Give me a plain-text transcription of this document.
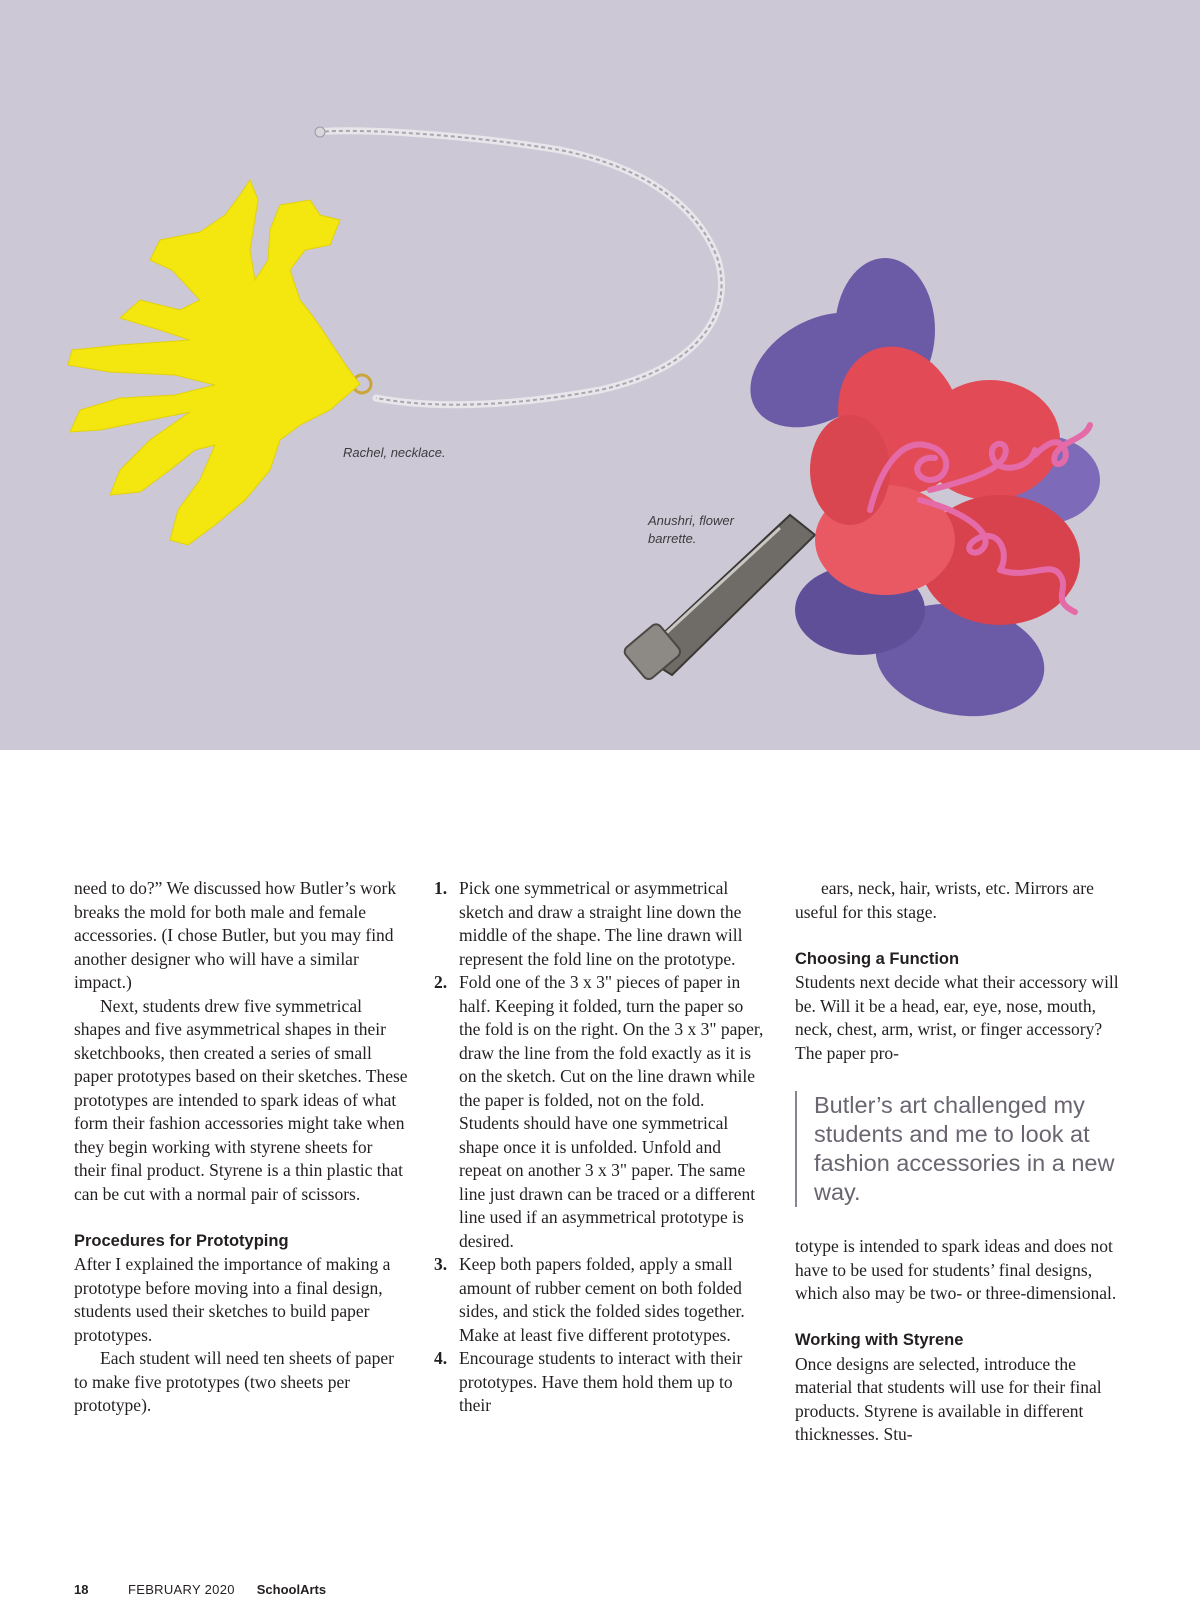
Rachel, necklace.
Anushri, flower
barrette.

need to do?” We discussed how Butler’s work breaks the mold for both male and female accessories. (I chose Butler, but you may find another designer who will have a similar impact.)

Next, students drew five symmetrical shapes and five asymmetrical shapes in their sketchbooks, then created a series of small paper prototypes based on their sketches. These prototypes are intended to spark ideas of what form their fashion accessories might take when they begin working with styrene sheets for their final product. Styrene is a thin plastic that can be cut with a normal pair of scissors.

Procedures for Prototyping

After I explained the importance of making a prototype before moving into a final design, students used their sketches to build paper prototypes.

Each student will need ten sheets of paper to make five prototypes (two sheets per prototype).

1. Pick one symmetrical or asymmetrical sketch and draw a straight line down the middle of the shape. The line drawn will represent the fold line on the prototype.
2. Fold one of the 3 x 3" pieces of paper in half. Keeping it folded, turn the paper so the fold is on the right. On the 3 x 3" paper, draw the line from the fold exactly as it is on the sketch. Cut on the line drawn while the paper is folded, not on the fold. Students should have one symmetrical shape once it is unfolded. Unfold and repeat on another 3 x 3" paper. The same line just drawn can be traced or a different line used if an asymmetrical prototype is desired.
3. Keep both papers folded, apply a small amount of rubber cement on both folded sides, and stick the folded sides together. Make at least five different prototypes.
4. Encourage students to interact with their prototypes. Have them hold them up to their

ears, neck, hair, wrists, etc. Mirrors are useful for this stage.

Choosing a Function

Students next decide what their accessory will be. Will it be a head, ear, eye, nose, mouth, neck, chest, arm, wrist, or finger accessory? The paper pro-

Butler’s art challenged my students and me to look at fashion accessories in a new way.

totype is intended to spark ideas and does not have to be used for students’ final designs, which also may be two- or three-dimensional.

Working with Styrene

Once designs are selected, introduce the material that students will use for their final products. Styrene is available in different thicknesses. Stu-

18	FEBRUARY 2020 SchoolArts
